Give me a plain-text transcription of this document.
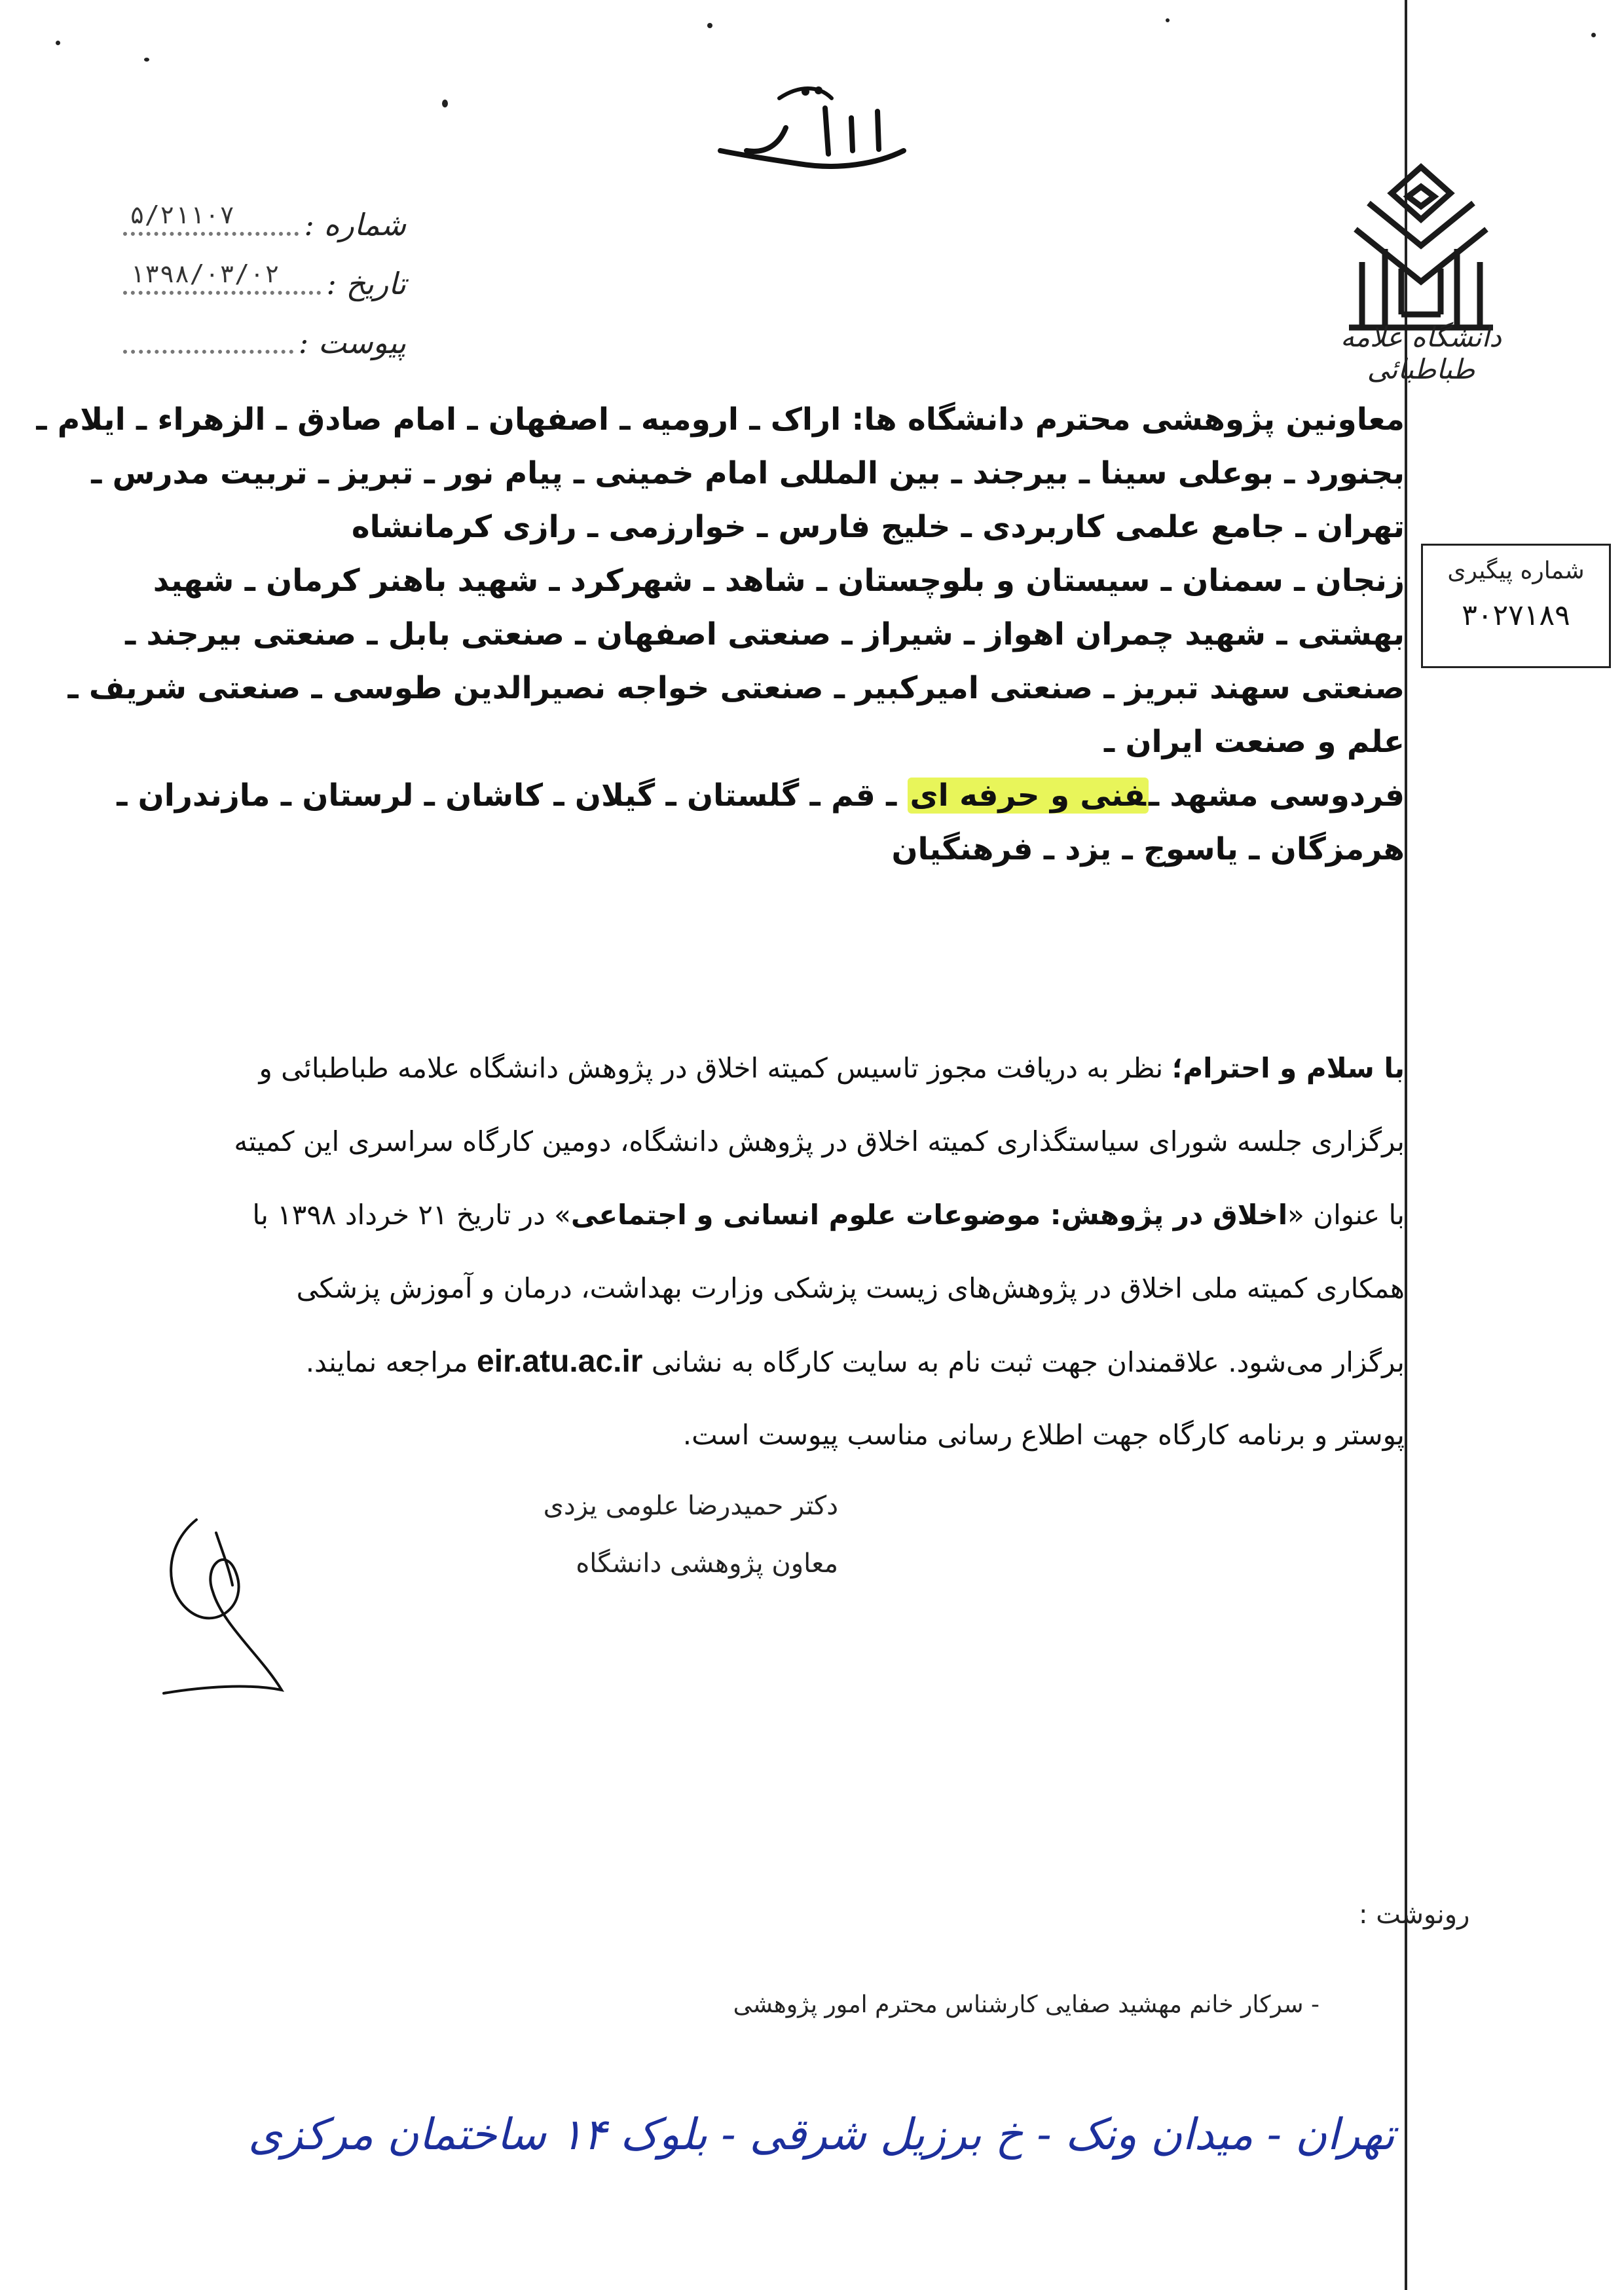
دانشگاه علامه طباطبائی
شماره :
۵/۲۱۱۰۷
تاریخ :
۱۳۹۸/۰۳/۰۲
پیوست :
شماره پیگیری
۳۰۲۷۱۸۹
معاونین پژوهشی محترم دانشگاه ها: اراک ـ ارومیه ـ اصفهان ـ امام صادق ـ الزهراء ـ ایلام ـ
بجنورد ـ بوعلی سینا ـ بیرجند ـ بین المللی امام خمینی ـ پیام نور ـ تبریز ـ تربیت مدرس ـ
تهران ـ جامع علمی کاربردی ـ خلیج فارس ـ خوارزمی ـ رازی کرمانشاه
زنجان ـ سمنان ـ سیستان و بلوچستان ـ شاهد ـ شهرکرد ـ شهید باهنر کرمان ـ شهید
بهشتی ـ شهید چمران اهواز ـ شیراز ـ صنعتی اصفهان ـ صنعتی بابل ـ صنعتی بیرجند ـ
صنعتی سهند تبریز ـ صنعتی امیرکبیر ـ صنعتی خواجه نصیرالدین طوسی ـ صنعتی شریف ـ
علم و صنعت ایران ـ
فردوسی مشهد ـفنی و حرفه ای ـ قم ـ گلستان ـ گیلان ـ کاشان ـ لرستان ـ مازندران ـ
هرمزگان ـ یاسوج ـ یزد ـ فرهنگیان
با سلام و احترام؛ نظر به دریافت مجوز تاسیس کمیته اخلاق در پژوهش دانشگاه علامه طباطبائی و
برگزاری جلسه شورای سیاستگذاری کمیته اخلاق در پژوهش دانشگاه، دومین کارگاه سراسری این کمیته
با عنوان «اخلاق در پژوهش: موضوعات علوم انسانی و اجتماعی» در تاریخ ۲۱ خرداد ۱۳۹۸ با
همکاری کمیته ملی اخلاق در پژوهش‌های زیست پزشکی وزارت بهداشت، درمان و آموزش پزشکی
برگزار می‌شود. علاقمندان جهت ثبت نام به سایت کارگاه به نشانی eir.atu.ac.ir مراجعه نمایند.
پوستر و برنامه کارگاه جهت اطلاع رسانی مناسب پیوست است.
دکتر حمیدرضا علومی یزدی
معاون پژوهشی دانشگاه
رونوشت :
- سرکار خانم مهشید صفایی کارشناس محترم امور پژوهشی
تهران - میدان ونک - خ برزیل شرقی - بلوک ۱۴ ساختمان مرکزی
